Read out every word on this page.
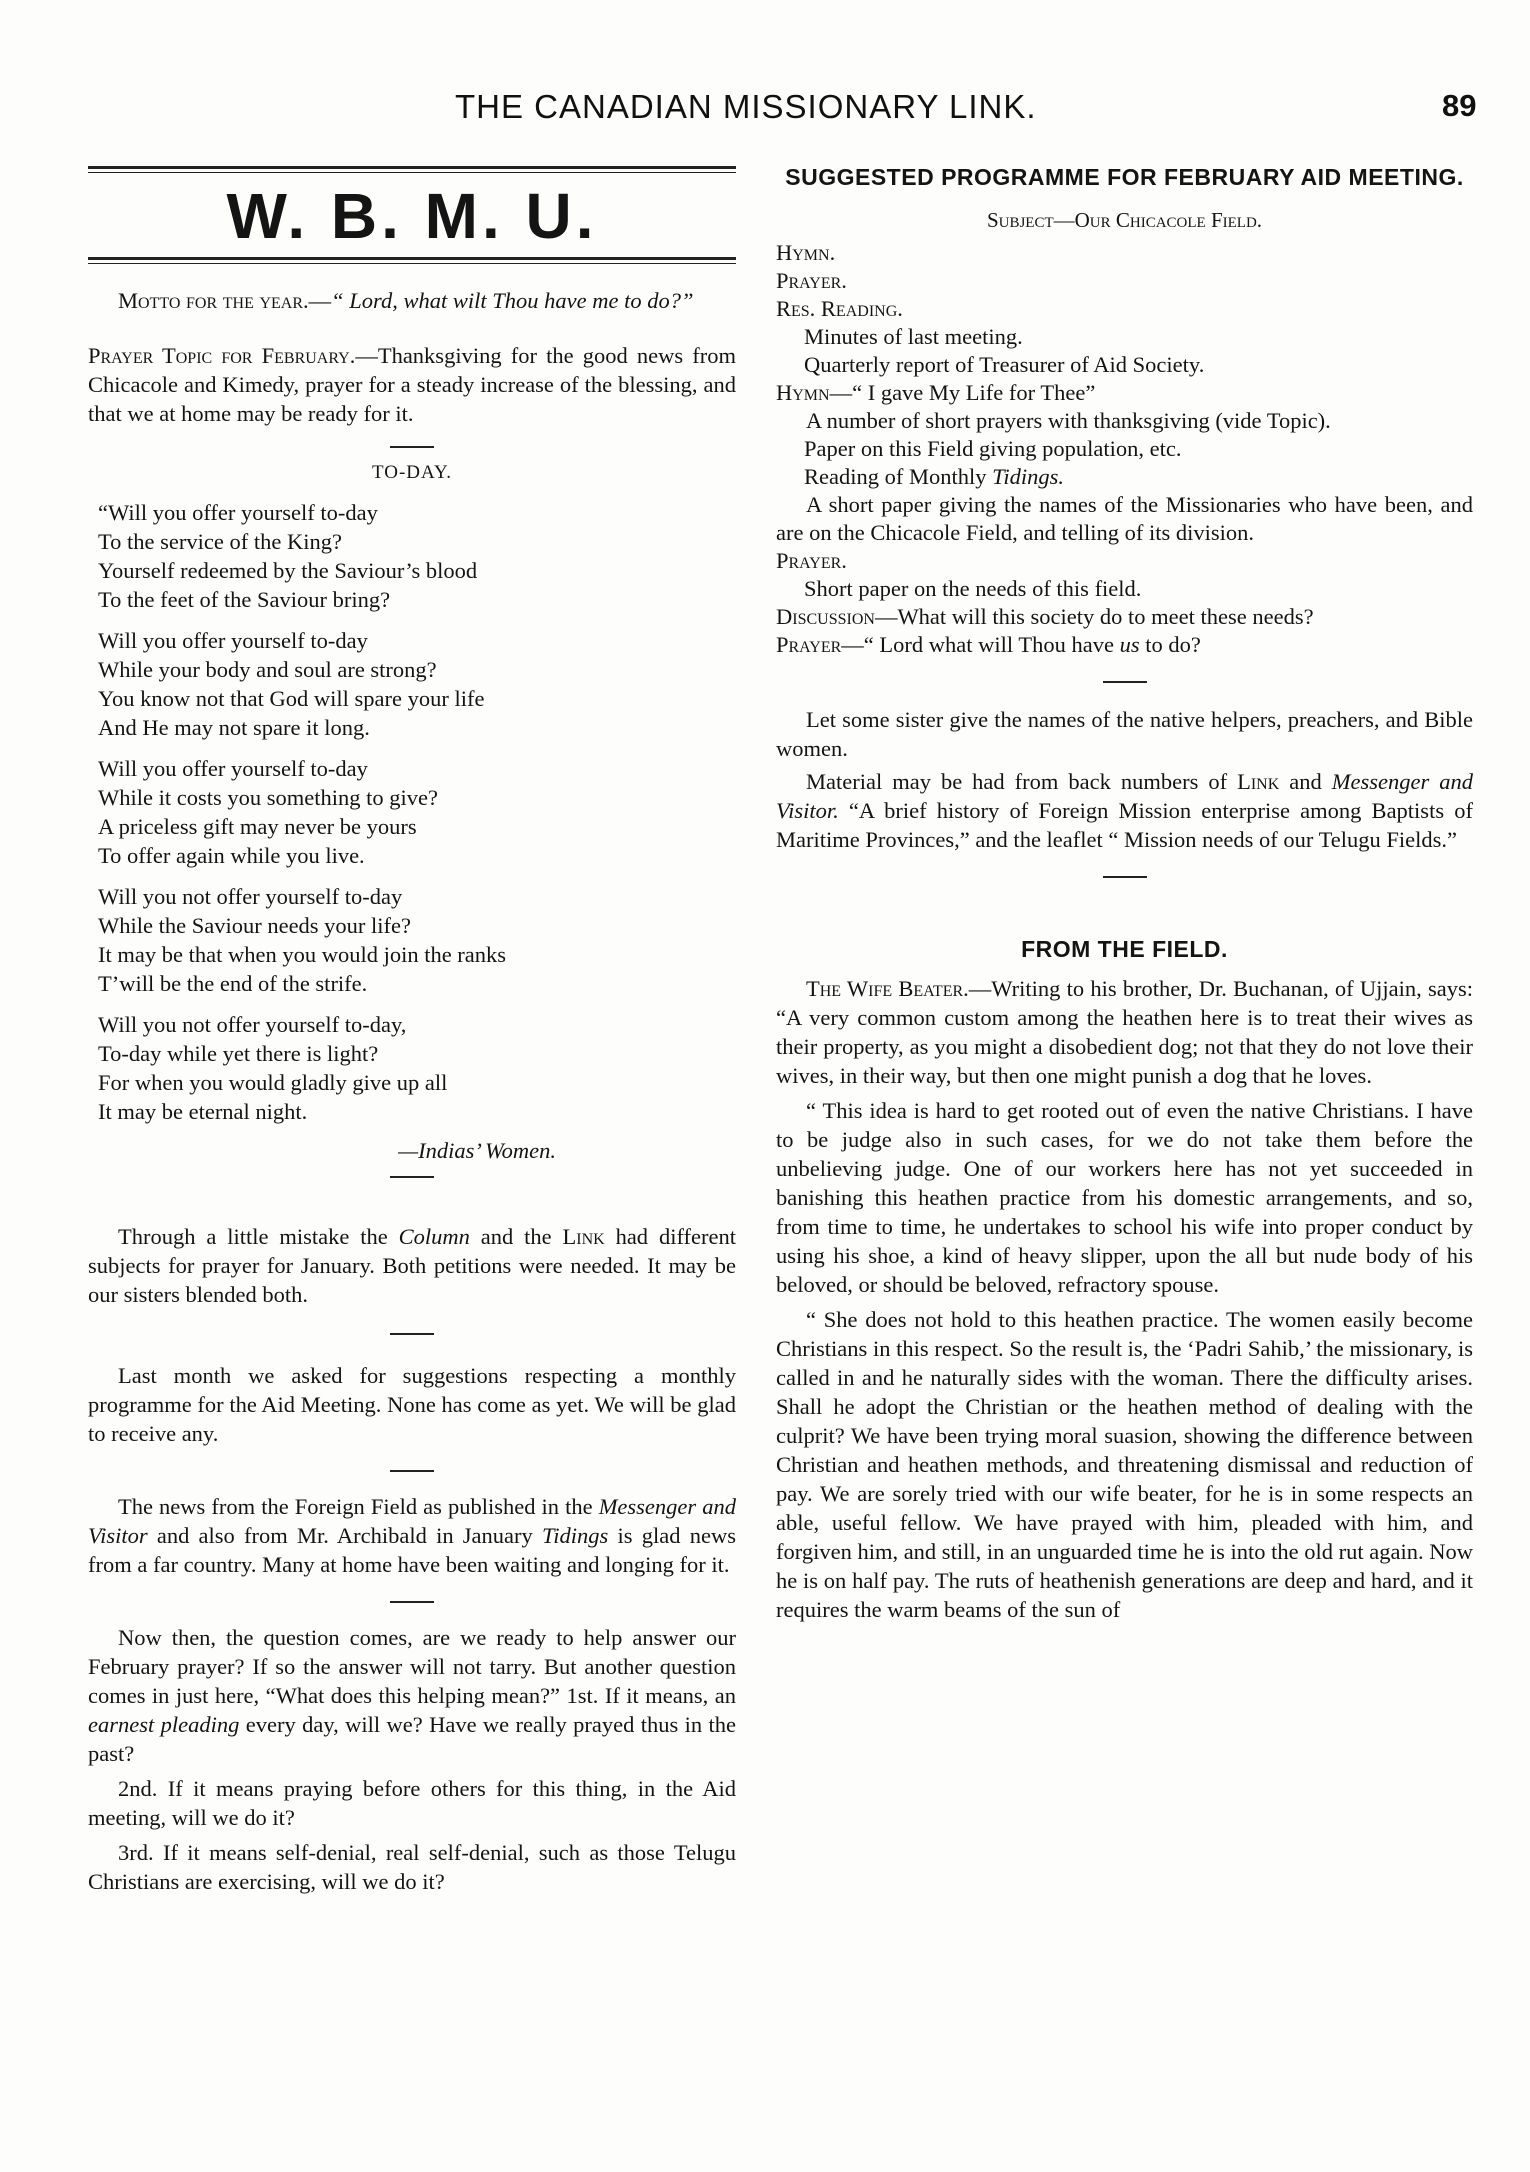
THE CANADIAN MISSIONARY LINK.	89
W. B. M. U.

Motto for the year.—“ Lord, what wilt Thou have me to do?”

Prayer Topic for February.—Thanksgiving for the good news from Chicacole and Kimedy, prayer for a steady increase of the blessing, and that we at home may be ready for it.

TO-DAY.
“Will you offer yourself to-day
To the service of the King?
Yourself redeemed by the Saviour’s blood
To the feet of the Saviour bring?
Will you offer yourself to-day
While your body and soul are strong?
You know not that God will spare your life
And He may not spare it long.
Will you offer yourself to-day
While it costs you something to give?
A priceless gift may never be yours
To offer again while you live.
Will you not offer yourself to-day
While the Saviour needs your life?
It may be that when you would join the ranks
T’will be the end of the strife.
Will you not offer yourself to-day,
To-day while yet there is light?
For when you would gladly give up all
It may be eternal night.
—Indias’ Women.

Through a little mistake the Column and the Link had different subjects for prayer for January. Both petitions were needed. It may be our sisters blended both.

Last month we asked for suggestions respecting a monthly programme for the Aid Meeting. None has come as yet. We will be glad to receive any.

The news from the Foreign Field as published in the Messenger and Visitor and also from Mr. Archibald in January Tidings is glad news from a far country. Many at home have been waiting and longing for it.

Now then, the question comes, are we ready to help answer our February prayer? If so the answer will not tarry. But another question comes in just here, “What does this helping mean?” 1st. If it means, an earnest pleading every day, will we? Have we really prayed thus in the past?

2nd. If it means praying before others for this thing, in the Aid meeting, will we do it?

3rd. If it means self-denial, real self-denial, such as those Telugu Christians are exercising, will we do it?

SUGGESTED PROGRAMME FOR FEBRUARY AID MEETING.
Subject—Our Chicacole Field.

Hymn.

Prayer.

Res. Reading.

Minutes of last meeting.

Quarterly report of Treasurer of Aid Society.

Hymn—“ I gave My Life for Thee”

A number of short prayers with thanksgiving (vide Topic).

Paper on this Field giving population, etc.

Reading of Monthly Tidings.

A short paper giving the names of the Missionaries who have been, and are on the Chicacole Field, and telling of its division.

Prayer.

Short paper on the needs of this field.

Discussion—What will this society do to meet these needs?

Prayer—“ Lord what will Thou have us to do?

Let some sister give the names of the native helpers, preachers, and Bible women.

Material may be had from back numbers of Link and Messenger and Visitor. “A brief history of Foreign Mission enterprise among Baptists of Maritime Provinces,” and the leaflet “ Mission needs of our Telugu Fields.”

FROM THE FIELD.

The Wife Beater.—Writing to his brother, Dr. Buchanan, of Ujjain, says: “A very common custom among the heathen here is to treat their wives as their property, as you might a disobedient dog; not that they do not love their wives, in their way, but then one might punish a dog that he loves.

“ This idea is hard to get rooted out of even the native Christians. I have to be judge also in such cases, for we do not take them before the unbelieving judge. One of our workers here has not yet succeeded in banishing this heathen practice from his domestic arrangements, and so, from time to time, he undertakes to school his wife into proper conduct by using his shoe, a kind of heavy slipper, upon the all but nude body of his beloved, or should be beloved, refractory spouse.

“ She does not hold to this heathen practice. The women easily become Christians in this respect. So the result is, the ‘Padri Sahib,’ the missionary, is called in and he naturally sides with the woman. There the difficulty arises. Shall he adopt the Christian or the heathen method of dealing with the culprit? We have been trying moral suasion, showing the difference between Christian and heathen methods, and threatening dismissal and reduction of pay. We are sorely tried with our wife beater, for he is in some respects an able, useful fellow. We have prayed with him, pleaded with him, and forgiven him, and still, in an unguarded time he is into the old rut again. Now he is on half pay. The ruts of heathenish generations are deep and hard, and it requires the warm beams of the sun of
